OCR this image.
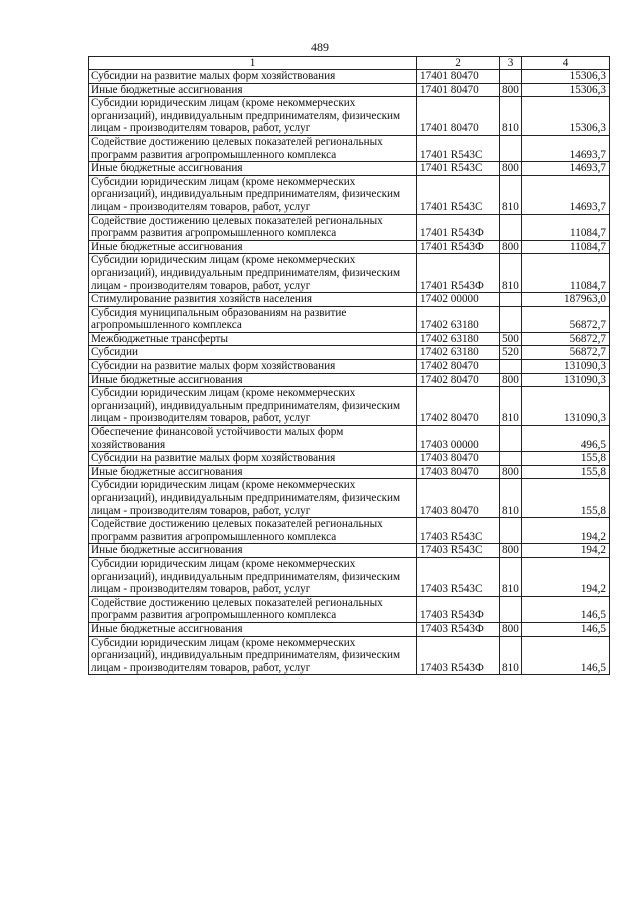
489
1	2	3	4
Субсидии на развитие малых форм хозяйствования	17401 80470		15306,3
Иные бюджетные ассигнования	17401 80470	800	15306,3
Субсидии юридическим лицам (кроме некоммерческих организаций), индивидуальным предпринимателям, физическим лицам - производителям товаров, работ, услуг	17401 80470	810	15306,3
Содействие достижению целевых показателей региональных программ развития агропромышленного комплекса	17401 R543С		14693,7
Иные бюджетные ассигнования	17401 R543С	800	14693,7
Субсидии юридическим лицам (кроме некоммерческих организаций), индивидуальным предпринимателям, физическим лицам - производителям товаров, работ, услуг	17401 R543С	810	14693,7
Содействие достижению целевых показателей региональных программ развития агропромышленного комплекса	17401 R543Ф		11084,7
Иные бюджетные ассигнования	17401 R543Ф	800	11084,7
Субсидии юридическим лицам (кроме некоммерческих организаций), индивидуальным предпринимателям, физическим лицам - производителям товаров, работ, услуг	17401 R543Ф	810	11084,7
Стимулирование развития хозяйств населения	17402 00000		187963,0
Субсидия муниципальным образованиям на развитие агропромышленного комплекса	17402 63180		56872,7
Межбюджетные трансферты	17402 63180	500	56872,7
Субсидии	17402 63180	520	56872,7
Субсидии на развитие малых форм хозяйствования	17402 80470		131090,3
Иные бюджетные ассигнования	17402 80470	800	131090,3
Субсидии юридическим лицам (кроме некоммерческих организаций), индивидуальным предпринимателям, физическим лицам - производителям товаров, работ, услуг	17402 80470	810	131090,3
Обеспечение финансовой устойчивости малых форм хозяйствования	17403 00000		496,5
Субсидии на развитие малых форм хозяйствования	17403 80470		155,8
Иные бюджетные ассигнования	17403 80470	800	155,8
Субсидии юридическим лицам (кроме некоммерческих организаций), индивидуальным предпринимателям, физическим лицам - производителям товаров, работ, услуг	17403 80470	810	155,8
Содействие достижению целевых показателей региональных программ развития агропромышленного комплекса	17403 R543С		194,2
Иные бюджетные ассигнования	17403 R543С	800	194,2
Субсидии юридическим лицам (кроме некоммерческих организаций), индивидуальным предпринимателям, физическим лицам - производителям товаров, работ, услуг	17403 R543С	810	194,2
Содействие достижению целевых показателей региональных программ развития агропромышленного комплекса	17403 R543Ф		146,5
Иные бюджетные ассигнования	17403 R543Ф	800	146,5
Субсидии юридическим лицам (кроме некоммерческих организаций), индивидуальным предпринимателям, физическим лицам - производителям товаров, работ, услуг	17403 R543Ф	810	146,5
